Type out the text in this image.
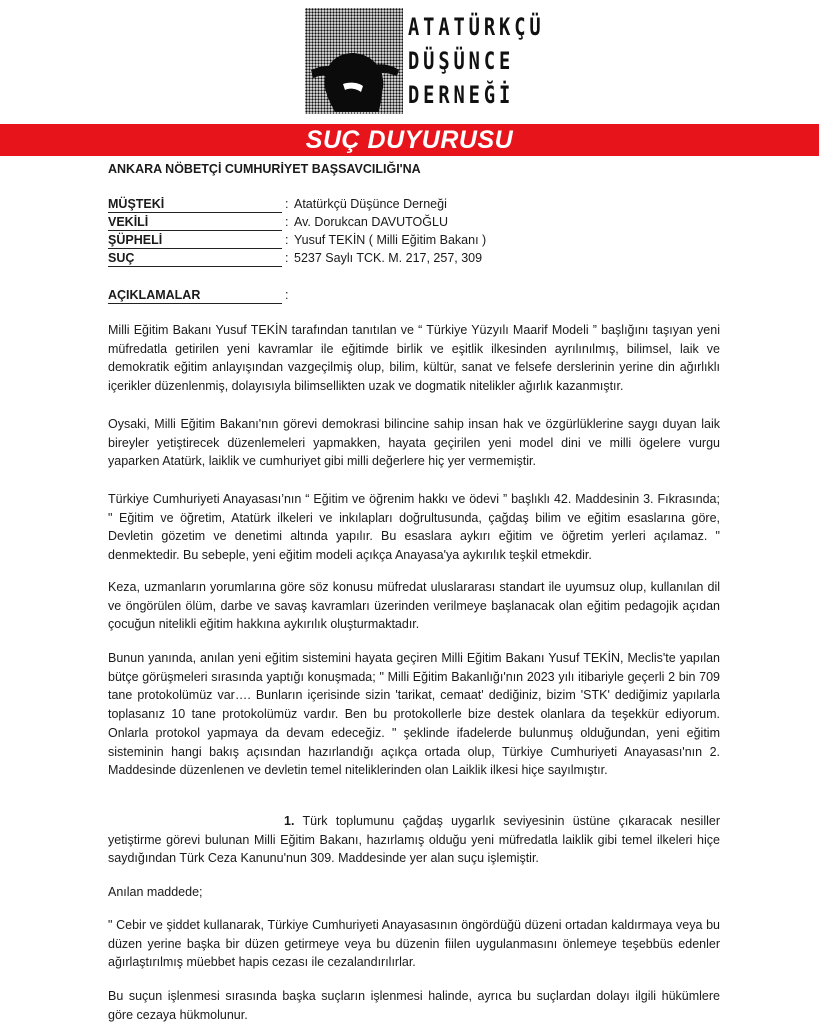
ATATÜRKÇÜ
DÜŞÜNCE
DERNEĞİ
SUÇ DUYURUSU
ANKARA NÖBETÇİ CUMHURİYET BAŞSAVCILIĞI'NA
MÜŞTEKİ	: Atatürkçü Düşünce Derneği
VEKİLİ	: Av. Dorukcan DAVUTOĞLU
ŞÜPHELİ	: Yusuf TEKİN ( Milli Eğitim Bakanı )
SUÇ	: 5237 Saylı TCK. M. 217, 257, 309
AÇIKLAMALAR	:

Milli Eğitim Bakanı Yusuf TEKİN tarafından tanıtılan ve “ Türkiye Yüzyılı Maarif Modeli ” başlığını taşıyan yeni müfredatla getirilen yeni kavramlar ile eğitimde birlik ve eşitlik ilkesinden ayrılınılmış, bilimsel, laik ve demokratik eğitim anlayışından vazgeçilmiş olup, bilim, kültür, sanat ve felsefe derslerinin yerine din ağırlıklı içerikler düzenlenmiş, dolayısıyla bilimsellikten uzak ve dogmatik nitelikler ağırlık kazanmıştır.

Oysaki, Milli Eğitim Bakanı'nın görevi demokrasi bilincine sahip insan hak ve özgürlüklerine saygı duyan laik bireyler yetiştirecek düzenlemeleri yapmakken, hayata geçirilen yeni model dini ve milli ögelere vurgu yaparken Atatürk, laiklik ve cumhuriyet gibi milli değerlere hiç yer vermemiştir.

Türkiye Cumhuriyeti Anayasası’nın “ Eğitim ve öğrenim hakkı ve ödevi ” başlıklı 42. Maddesinin 3. Fıkrasında; " Eğitim ve öğretim, Atatürk ilkeleri ve inkılapları doğrultusunda, çağdaş bilim ve eğitim esaslarına göre, Devletin gözetim ve denetimi altında yapılır. Bu esaslara aykırı eğitim ve öğretim yerleri açılamaz. " denmektedir. Bu sebeple, yeni eğitim modeli açıkça Anayasa'ya aykırılık teşkil etmekdir.

Keza, uzmanların yorumlarına göre söz konusu müfredat uluslararası standart ile uyumsuz olup, kullanılan dil ve öngörülen ölüm, darbe ve savaş kavramları üzerinden verilmeye başlanacak olan eğitim pedagojik açıdan çocuğun nitelikli eğitim hakkına aykırılık oluşturmaktadır.

Bunun yanında, anılan yeni eğitim sistemini hayata geçiren Milli Eğitim Bakanı Yusuf TEKİN, Meclis'te yapılan bütçe görüşmeleri sırasında yaptığı konuşmada; " Milli Eğitim Bakanlığı'nın 2023 yılı itibariyle geçerli 2 bin 709 tane protokolümüz var…. Bunların içerisinde sizin 'tarikat, cemaat' dediğiniz, bizim 'STK' dediğimiz yapılarla toplasanız 10 tane protokolümüz vardır. Ben bu protokollerle bize destek olanlara da teşekkür ediyorum. Onlarla protokol yapmaya da devam edeceğiz. " şeklinde ifadelerde bulunmuş olduğundan, yeni eğitim sisteminin hangi bakış açısından hazırlandığı açıkça ortada olup, Türkiye Cumhuriyeti Anayasası'nın 2. Maddesinde düzenlenen ve devletin temel niteliklerinden olan Laiklik ilkesi hiçe sayılmıştır.

1. Türk toplumunu çağdaş uygarlık seviyesinin üstüne çıkaracak nesiller yetiştirme görevi bulunan Milli Eğitim Bakanı, hazırlamış olduğu yeni müfredatla laiklik gibi temel ilkeleri hiçe saydığından Türk Ceza Kanunu'nun 309. Maddesinde yer alan suçu işlemiştir.

Anılan maddede;

" Cebir ve şiddet kullanarak, Türkiye Cumhuriyeti Anayasasının öngördüğü düzeni ortadan kaldırmaya veya bu düzen yerine başka bir düzen getirmeye veya bu düzenin fiilen uygulanmasını önlemeye teşebbüs edenler ağırlaştırılmış müebbet hapis cezası ile cezalandırılırlar.

Bu suçun işlenmesi sırasında başka suçların işlenmesi halinde, ayrıca bu suçlardan dolayı ilgili hükümlere göre cezaya hükmolunur.
